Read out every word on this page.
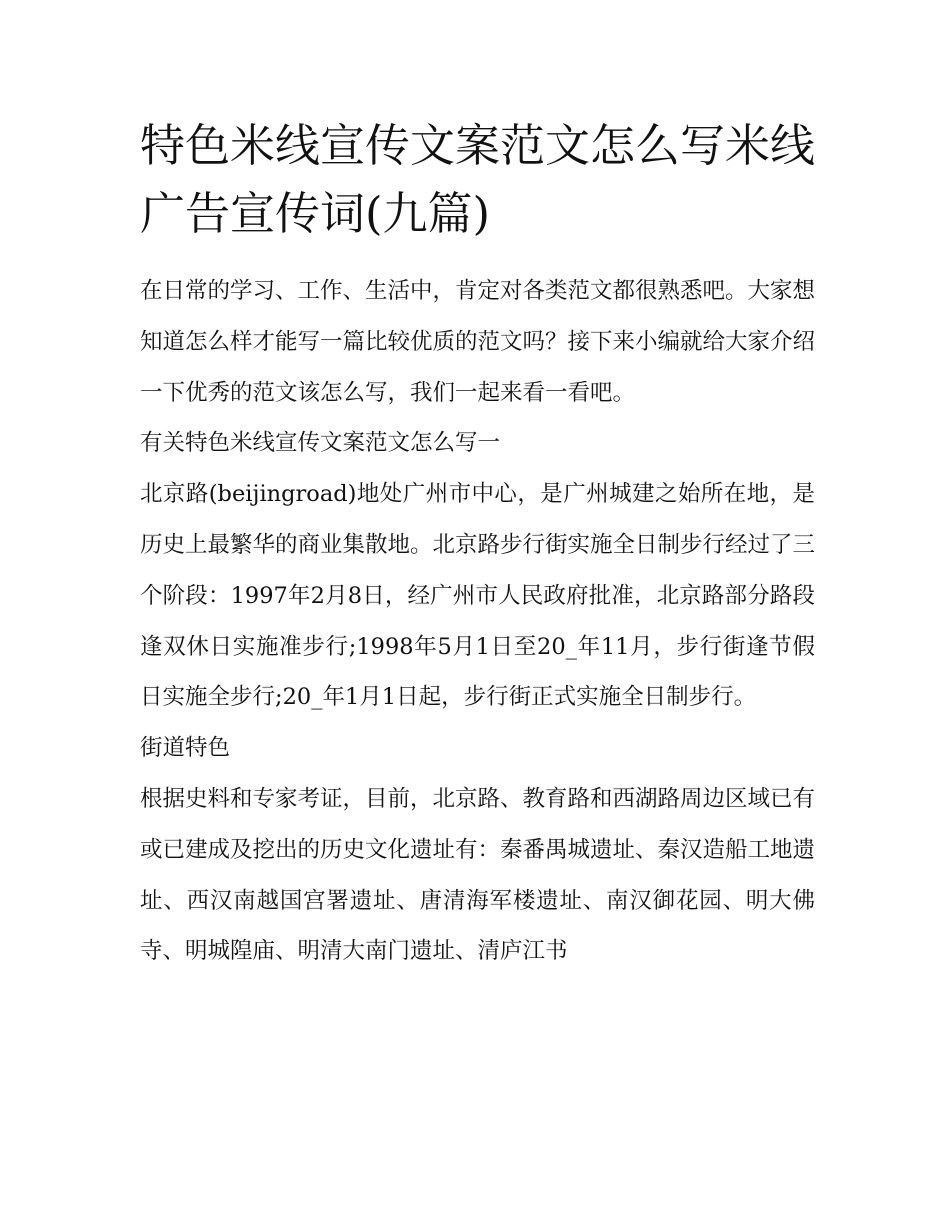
特色米线宣传文案范文怎么写米线广告宣传词(九篇)

在日常的学习、工作、生活中，肯定对各类范文都很熟悉吧。大家想知道怎么样才能写一篇比较优质的范文吗？接下来小编就给大家介绍一下优秀的范文该怎么写，我们一起来看一看吧。

有关特色米线宣传文案范文怎么写一

北京路(beijingroad)地处广州市中心，是广州城建之始所在地，是历史上最繁华的商业集散地。北京路步行街实施全日制步行经过了三个阶段：1997年2月8日，经广州市人民政府批准，北京路部分路段逢双休日实施准步行;1998年5月1日至20_年11月，步行街逢节假日实施全步行;20_年1月1日起，步行街正式实施全日制步行。

街道特色

根据史料和专家考证，目前，北京路、教育路和西湖路周边区域已有或已建成及挖出的历史文化遗址有：秦番禺城遗址、秦汉造船工地遗址、西汉南越国宫署遗址、唐清海军楼遗址、南汉御花园、明大佛寺、明城隍庙、明清大南门遗址、清庐江书
